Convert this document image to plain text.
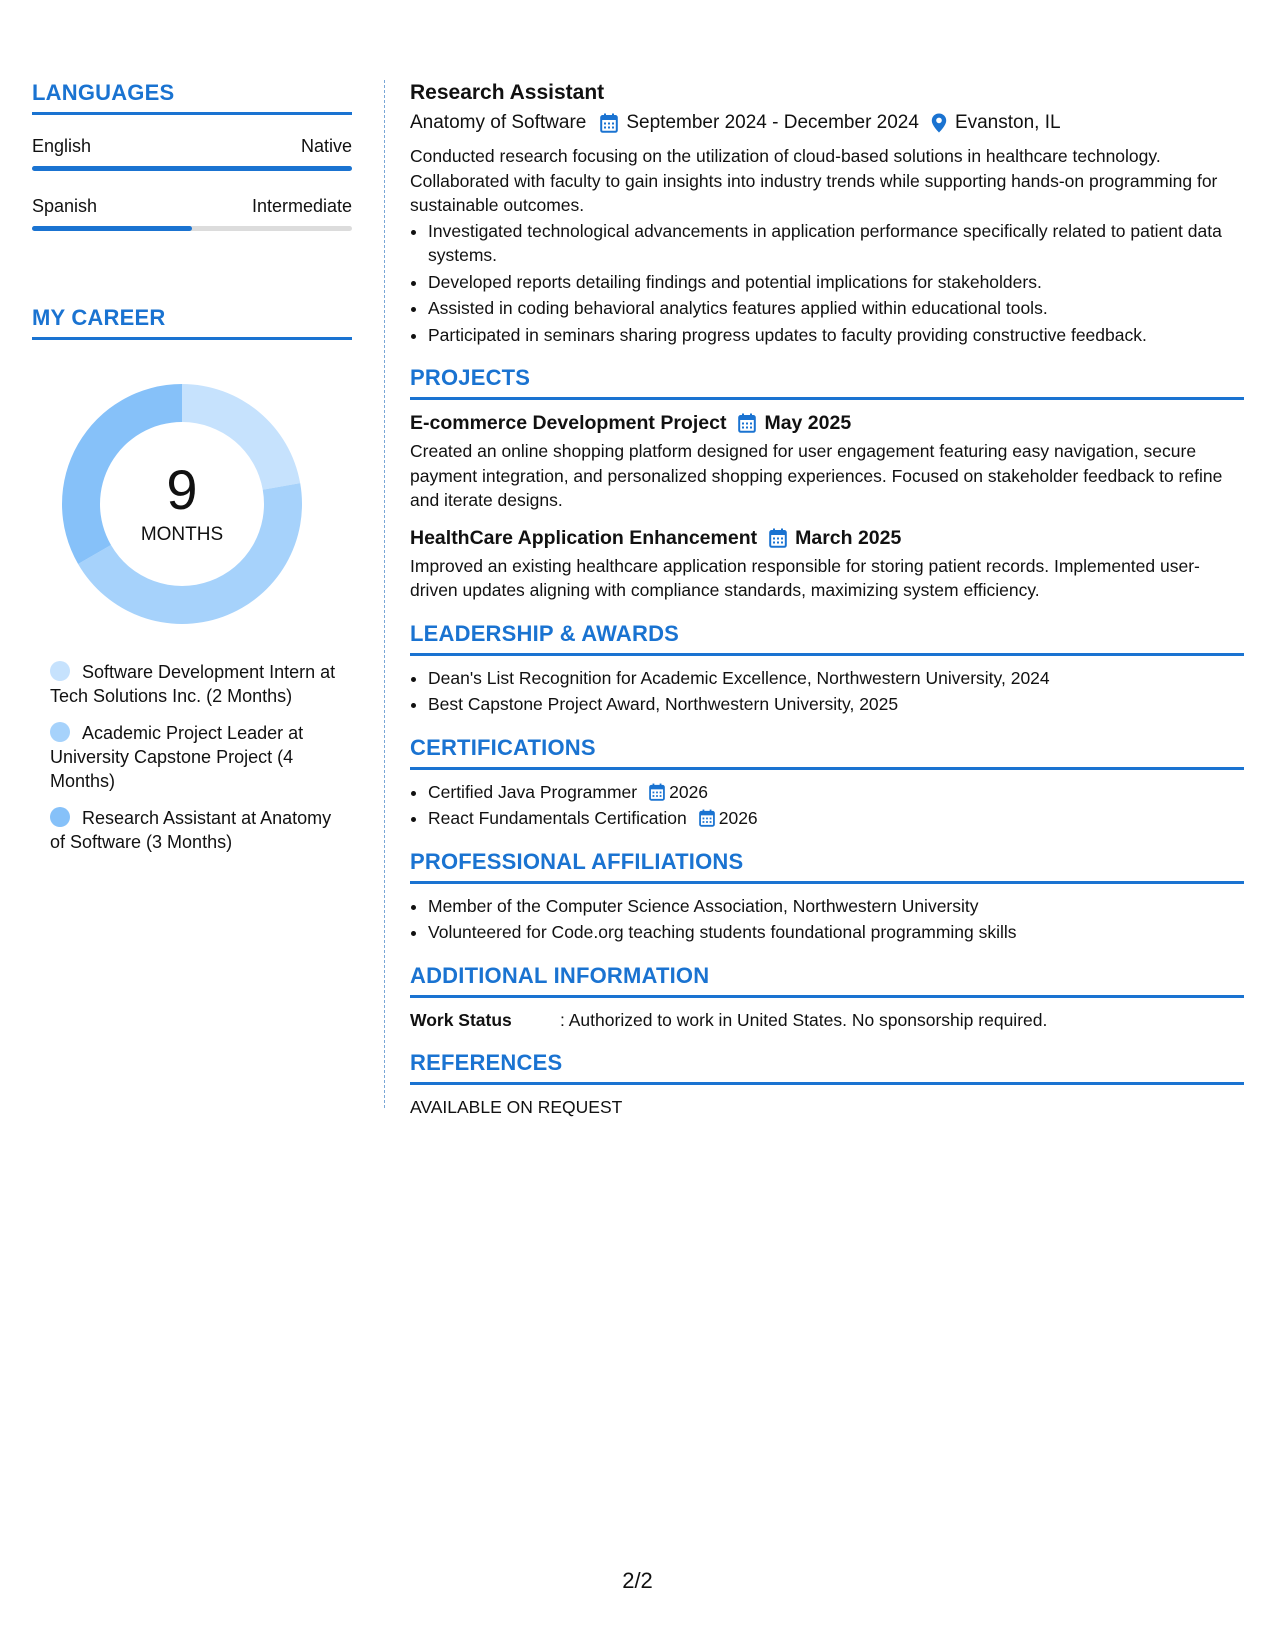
LANGUAGES
English	Native
Spanish	Intermediate
MY CAREER
9
MONTHS
Software Development Intern at Tech Solutions Inc. (2 Months)
Academic Project Leader at University Capstone Project (4 Months)
Research Assistant at Anatomy of Software (3 Months)
Research Assistant
Anatomy of Software September 2024 - December 2024 Evanston, IL
Conducted research focusing on the utilization of cloud-based solutions in healthcare technology. Collaborated with faculty to gain insights into industry trends while supporting hands-on programming for sustainable outcomes.
• Investigated technological advancements in application performance specifically related to patient data systems.
• Developed reports detailing findings and potential implications for stakeholders.
• Assisted in coding behavioral analytics features applied within educational tools.
• Participated in seminars sharing progress updates to faculty providing constructive feedback.
PROJECTS
E-commerce Development Project May 2025
Created an online shopping platform designed for user engagement featuring easy navigation, secure payment integration, and personalized shopping experiences. Focused on stakeholder feedback to refine and iterate designs.
HealthCare Application Enhancement March 2025
Improved an existing healthcare application responsible for storing patient records. Implemented user-driven updates aligning with compliance standards, maximizing system efficiency.
LEADERSHIP & AWARDS
• Dean's List Recognition for Academic Excellence, Northwestern University, 2024
• Best Capstone Project Award, Northwestern University, 2025
CERTIFICATIONS
• Certified Java Programmer 2026
• React Fundamentals Certification 2026
PROFESSIONAL AFFILIATIONS
• Member of the Computer Science Association, Northwestern University
• Volunteered for Code.org teaching students foundational programming skills
ADDITIONAL INFORMATION
Work Status	: Authorized to work in United States. No sponsorship required.
REFERENCES
AVAILABLE ON REQUEST
2/2
